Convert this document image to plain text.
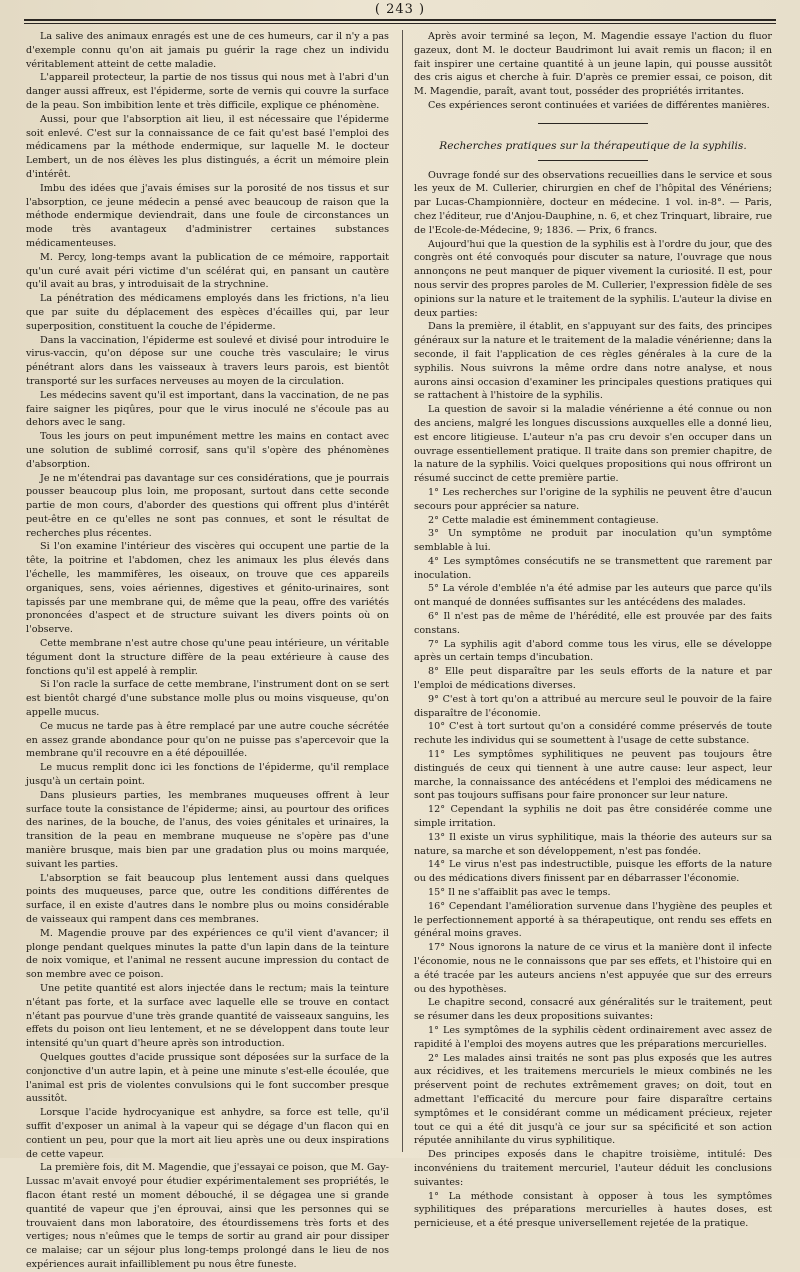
( 243 )

La salive des animaux enragés est une de ces humeurs, car il n'y a pas d'exemple connu qu'on ait jamais pu guérir la rage chez un individu véritablement atteint de cette maladie.

L'appareil protecteur, la partie de nos tissus qui nous met à l'abri d'un danger aussi affreux, est l'épiderme, sorte de vernis qui couvre la surface de la peau. Son imbibition lente et très difficile, explique ce phénomène.

Aussi, pour que l'absorption ait lieu, il est nécessaire que l'épiderme soit enlevé. C'est sur la connaissance de ce fait qu'est basé l'emploi des médicamens par la méthode endermique, sur laquelle M. le docteur Lembert, un de nos élèves les plus distingués, a écrit un mémoire plein d'intérêt.

Imbu des idées que j'avais émises sur la porosité de nos tissus et sur l'absorption, ce jeune médecin a pensé avec beaucoup de raison que la méthode endermique deviendrait, dans une foule de circonstances un mode très avantageux d'administrer certaines substances médicamenteuses.

M. Percy, long-temps avant la publication de ce mémoire, rapportait qu'un curé avait péri victime d'un scélérat qui, en pansant un cautère qu'il avait au bras, y introduisait de la strychnine.

La pénétration des médicamens employés dans les frictions, n'a lieu que par suite du déplacement des espèces d'écailles qui, par leur superposition, constituent la couche de l'épiderme.

Dans la vaccination, l'épiderme est soulevé et divisé pour introduire le virus-vaccin, qu'on dépose sur une couche très vasculaire; le virus pénétrant alors dans les vaisseaux à travers leurs parois, est bientôt transporté sur les surfaces nerveuses au moyen de la circulation.

Les médecins savent qu'il est important, dans la vaccination, de ne pas faire saigner les piqûres, pour que le virus inoculé ne s'écoule pas au dehors avec le sang.

Tous les jours on peut impunément mettre les mains en contact avec une solution de sublimé corrosif, sans qu'il s'opère des phénomènes d'absorption.

Je ne m'étendrai pas davantage sur ces considérations, que je pourrais pousser beaucoup plus loin, me proposant, surtout dans cette seconde partie de mon cours, d'aborder des questions qui offrent plus d'intérêt peut-être en ce qu'elles ne sont pas connues, et sont le résultat de recherches plus récentes.

Si l'on examine l'intérieur des viscères qui occupent une partie de la tête, la poitrine et l'abdomen, chez les animaux les plus élevés dans l'échelle, les mammifères, les oiseaux, on trouve que ces appareils organiques, sens, voies aériennes, digestives et génito-urinaires, sont tapissés par une membrane qui, de même que la peau, offre des variétés prononcées d'aspect et de structure suivant les divers points où on l'observe.

Cette membrane n'est autre chose qu'une peau intérieure, un véritable tégument dont la structure diffère de la peau extérieure à cause des fonctions qu'il est appelé à remplir.

Si l'on racle la surface de cette membrane, l'instrument dont on se sert est bientôt chargé d'une substance molle plus ou moins visqueuse, qu'on appelle mucus.

Ce mucus ne tarde pas à être remplacé par une autre couche sécrétée en assez grande abondance pour qu'on ne puisse pas s'apercevoir que la membrane qu'il recouvre en a été dépouillée.

Le mucus remplit donc ici les fonctions de l'épiderme, qu'il remplace jusqu'à un certain point.

Dans plusieurs parties, les membranes muqueuses offrent à leur surface toute la consistance de l'épiderme; ainsi, au pourtour des orifices des narines, de la bouche, de l'anus, des voies génitales et urinaires, la transition de la peau en membrane muqueuse ne s'opère pas d'une manière brusque, mais bien par une gradation plus ou moins marquée, suivant les parties.

L'absorption se fait beaucoup plus lentement aussi dans quelques points des muqueuses, parce que, outre les conditions différentes de surface, il en existe d'autres dans le nombre plus ou moins considérable de vaisseaux qui rampent dans ces membranes.

M. Magendie prouve par des expériences ce qu'il vient d'avancer; il plonge pendant quelques minutes la patte d'un lapin dans de la teinture de noix vomique, et l'animal ne ressent aucune impression du contact de son membre avec ce poison.

Une petite quantité est alors injectée dans le rectum; mais la teinture n'étant pas forte, et la surface avec laquelle elle se trouve en contact n'étant pas pourvue d'une très grande quantité de vaisseaux sanguins, les effets du poison ont lieu lentement, et ne se développent dans toute leur intensité qu'un quart d'heure après son introduction.

Quelques gouttes d'acide prussique sont déposées sur la surface de la conjonctive d'un autre lapin, et à peine une minute s'est-elle écoulée, que l'animal est pris de violentes convulsions qui le font succomber presque aussitôt.

Lorsque l'acide hydrocyanique est anhydre, sa force est telle, qu'il suffit d'exposer un animal à la vapeur qui se dégage d'un flacon qui en contient un peu, pour que la mort ait lieu après une ou deux inspirations de cette vapeur.

La première fois, dit M. Magendie, que j'essayai ce poison, que M. Gay-Lussac m'avait envoyé pour étudier expérimentalement ses propriétés, le flacon étant resté un moment débouché, il se dégagea une si grande quantité de vapeur que j'en éprouvai, ainsi que les personnes qui se trouvaient dans mon laboratoire, des étourdissemens très forts et des vertiges; nous n'eûmes que le temps de sortir au grand air pour dissiper ce malaise; car un séjour plus long-temps prolongé dans le lieu de nos expériences aurait infailliblement pu nous être funeste.

Après avoir terminé sa leçon, M. Magendie essaye l'action du fluor gazeux, dont M. le docteur Baudrimont lui avait remis un flacon; il en fait inspirer une certaine quantité à un jeune lapin, qui pousse aussitôt des cris aigus et cherche à fuir. D'après ce premier essai, ce poison, dit M. Magendie, paraît, avant tout, posséder des propriétés irritantes.

Ces expériences seront continuées et variées de différentes manières.

Recherches pratiques sur la thérapeutique de la syphilis.

Ouvrage fondé sur des observations recueillies dans le service et sous les yeux de M. Cullerier, chirurgien en chef de l'hôpital des Vénériens; par Lucas-Championnière, docteur en médecine. 1 vol. in-8°. — Paris, chez l'éditeur, rue d'Anjou-Dauphine, n. 6, et chez Trinquart, libraire, rue de l'Ecole-de-Médecine, 9; 1836. — Prix, 6 francs.

Aujourd'hui que la question de la syphilis est à l'ordre du jour, que des congrès ont été convoqués pour discuter sa nature, l'ouvrage que nous annonçons ne peut manquer de piquer vivement la curiosité. Il est, pour nous servir des propres paroles de M. Cullerier, l'expression fidèle de ses opinions sur la nature et le traitement de la syphilis. L'auteur la divise en deux parties:

Dans la première, il établit, en s'appuyant sur des faits, des principes généraux sur la nature et le traitement de la maladie vénérienne; dans la seconde, il fait l'application de ces règles générales à la cure de la syphilis. Nous suivrons la même ordre dans notre analyse, et nous aurons ainsi occasion d'examiner les principales questions pratiques qui se rattachent à l'histoire de la syphilis.

La question de savoir si la maladie vénérienne a été connue ou non des anciens, malgré les longues discussions auxquelles elle a donné lieu, est encore litigieuse. L'auteur n'a pas cru devoir s'en occuper dans un ouvrage essentiellement pratique. Il traite dans son premier chapitre, de la nature de la syphilis. Voici quelques propositions qui nous offriront un résumé succinct de cette première partie.

1° Les recherches sur l'origine de la syphilis ne peuvent être d'aucun secours pour apprécier sa nature.

2° Cette maladie est éminemment contagieuse.

3° Un symptôme ne produit par inoculation qu'un symptôme semblable à lui.

4° Les symptômes consécutifs ne se transmettent que rarement par inoculation.

5° La vérole d'emblée n'a été admise par les auteurs que parce qu'ils ont manqué de données suffisantes sur les antécédens des malades.

6° Il n'est pas de même de l'hérédité, elle est prouvée par des faits constans.

7° La syphilis agit d'abord comme tous les virus, elle se développe après un certain temps d'incubation.

8° Elle peut disparaître par les seuls efforts de la nature et par l'emploi de médications diverses.

9° C'est à tort qu'on a attribué au mercure seul le pouvoir de la faire disparaître de l'économie.

10° C'est à tort surtout qu'on a considéré comme préservés de toute rechute les individus qui se soumettent à l'usage de cette substance.

11° Les symptômes syphilitiques ne peuvent pas toujours être distingués de ceux qui tiennent à une autre cause: leur aspect, leur marche, la connaissance des antécédens et l'emploi des médicamens ne sont pas toujours suffisans pour faire prononcer sur leur nature.

12° Cependant la syphilis ne doit pas être considérée comme une simple irritation.

13° Il existe un virus syphilitique, mais la théorie des auteurs sur sa nature, sa marche et son développement, n'est pas fondée.

14° Le virus n'est pas indestructible, puisque les efforts de la nature ou des médications divers finissent par en débarrasser l'économie.

15° Il ne s'affaiblit pas avec le temps.

16° Cependant l'amélioration survenue dans l'hygiène des peuples et le perfectionnement apporté à sa thérapeutique, ont rendu ses effets en général moins graves.

17° Nous ignorons la nature de ce virus et la manière dont il infecte l'économie, nous ne le connaissons que par ses effets, et l'histoire qui en a été tracée par les auteurs anciens n'est appuyée que sur des erreurs ou des hypothèses.

Le chapitre second, consacré aux généralités sur le traitement, peut se résumer dans les deux propositions suivantes:

1° Les symptômes de la syphilis cèdent ordinairement avec assez de rapidité à l'emploi des moyens autres que les préparations mercurielles.

2° Les malades ainsi traités ne sont pas plus exposés que les autres aux récidives, et les traitemens mercuriels le mieux combinés ne les préservent point de rechutes extrêmement graves; on doit, tout en admettant l'efficacité du mercure pour faire disparaître certains symptômes et le considérant comme un médicament précieux, rejeter tout ce qui a été dit jusqu'à ce jour sur sa spécificité et son action réputée annihilante du virus syphilitique.

Des principes exposés dans le chapitre troisième, intitulé: Des inconvéniens du traitement mercuriel, l'auteur déduit les conclusions suivantes:

1° La méthode consistant à opposer à tous les symptômes syphilitiques des préparations mercurielles à hautes doses, est pernicieuse, et a été presque universellement rejetée de la pratique.
